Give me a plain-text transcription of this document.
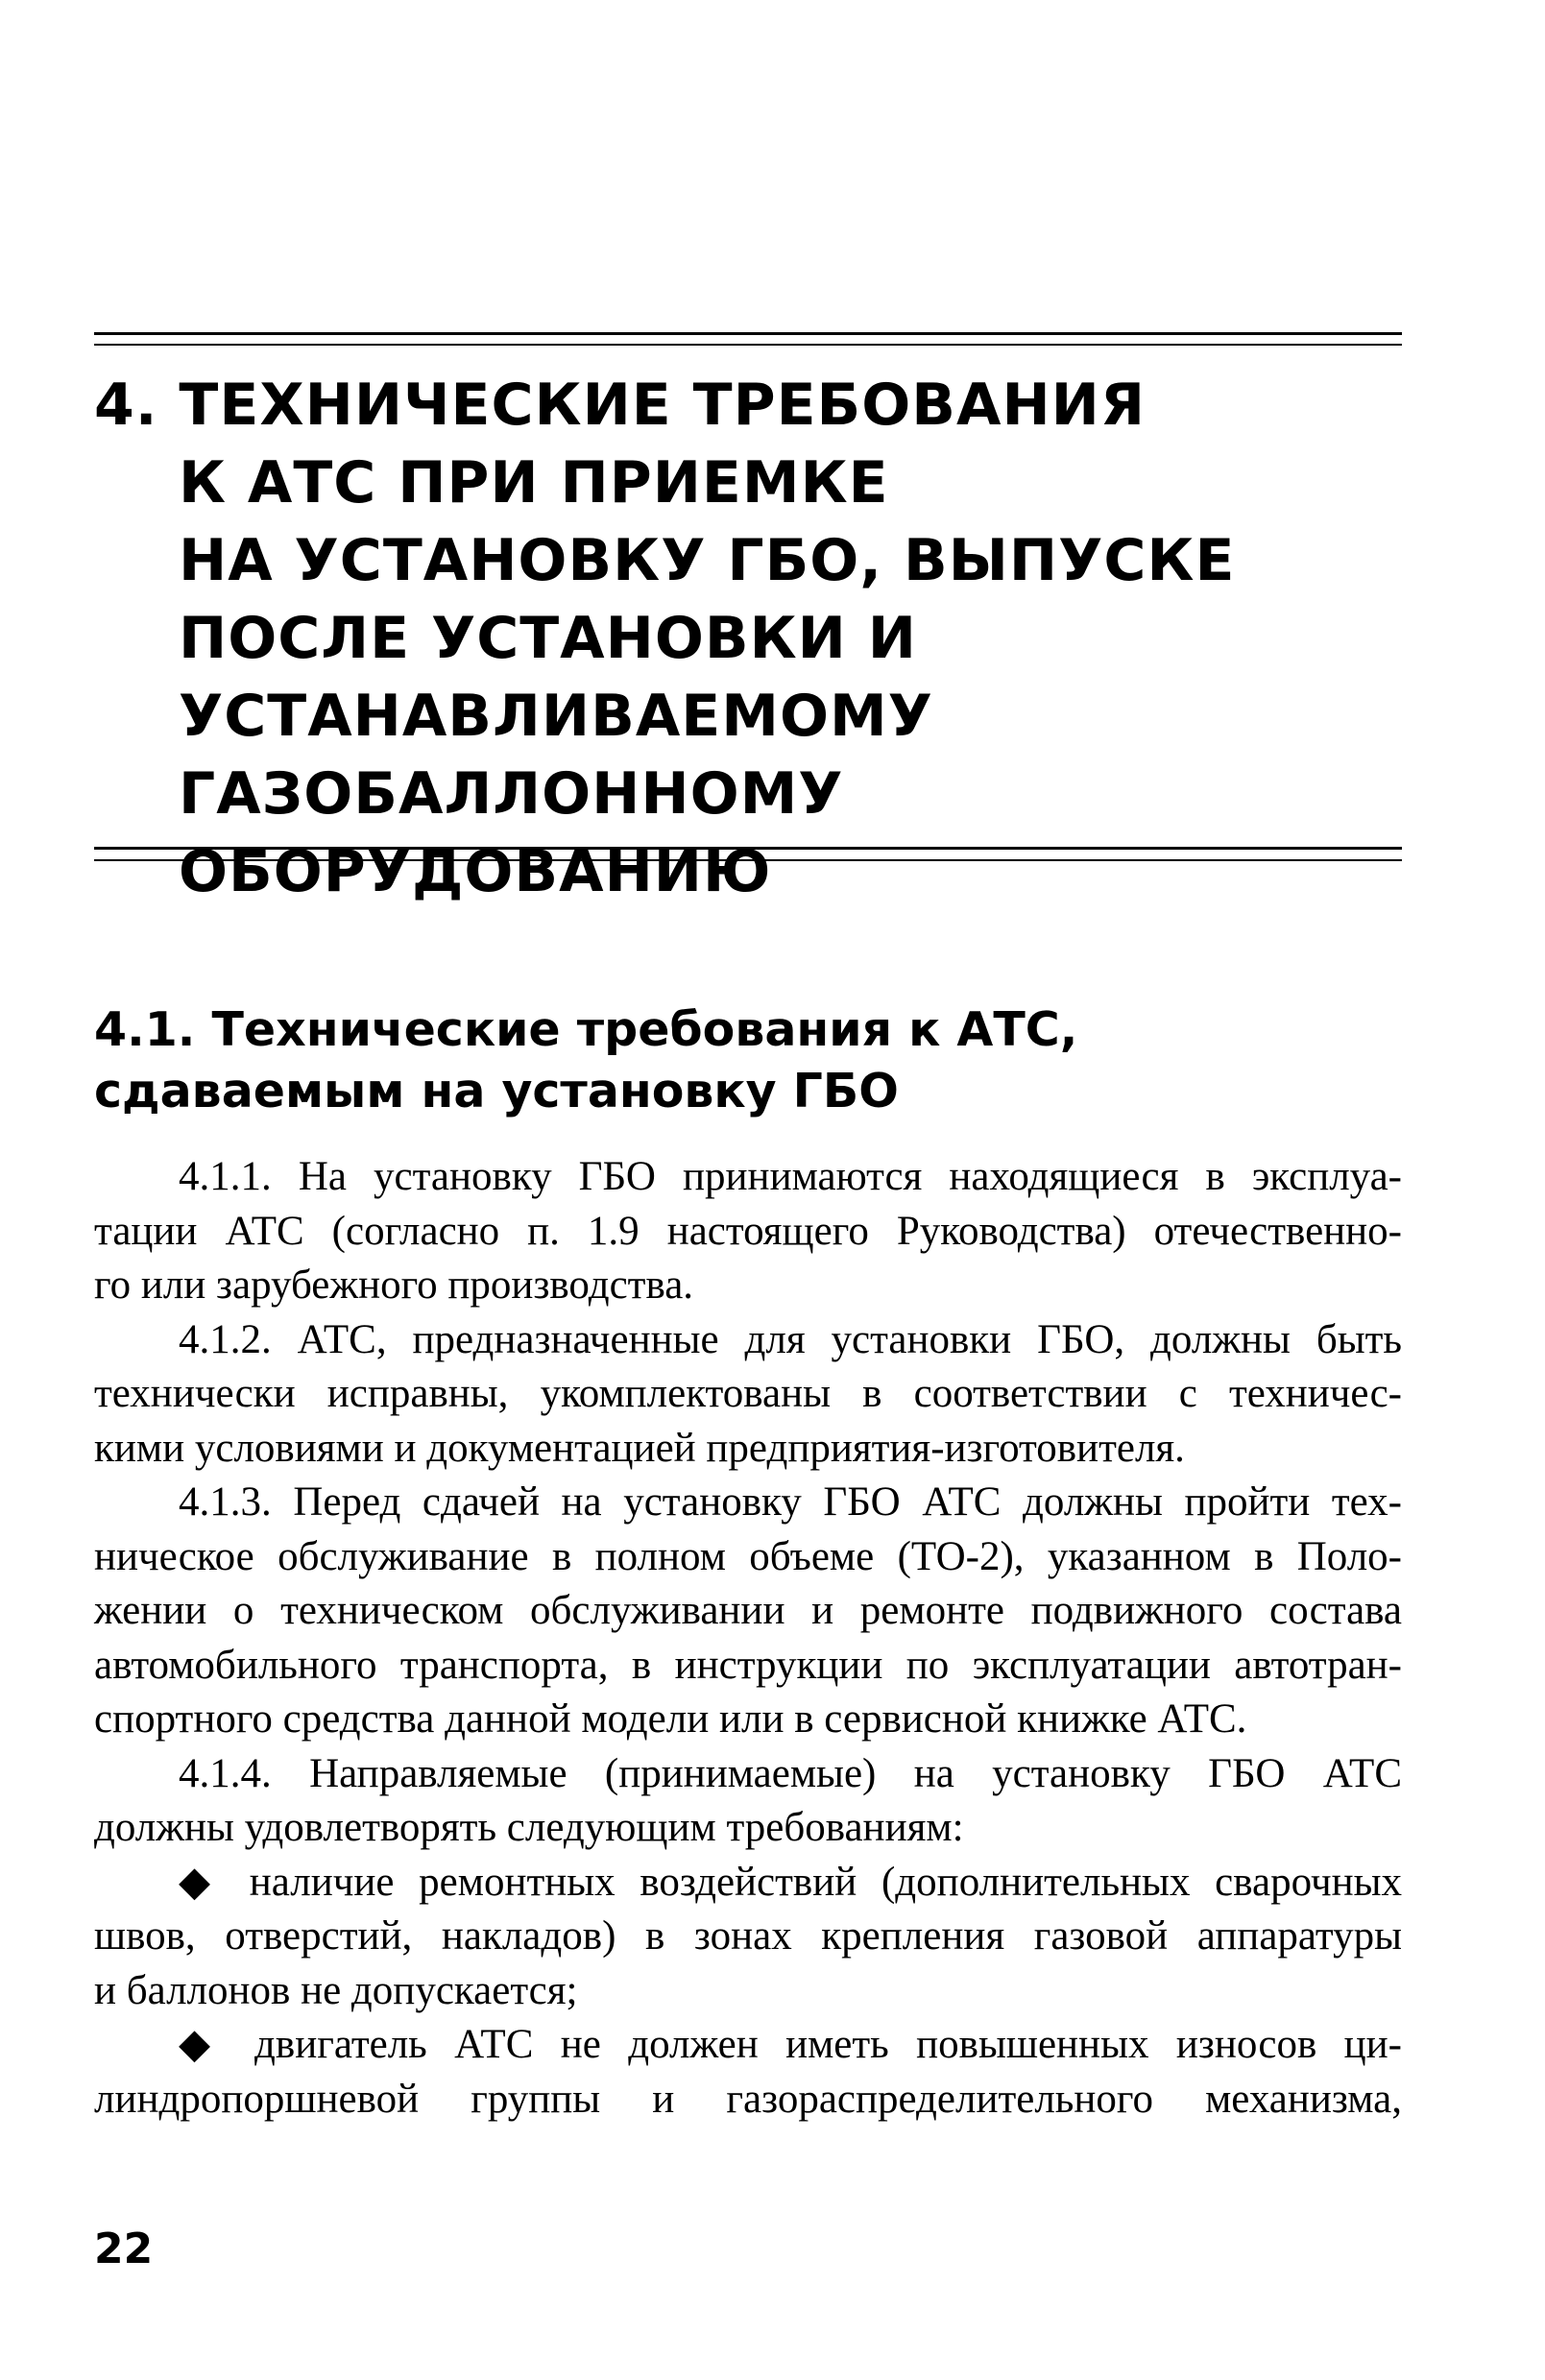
4. ТЕХНИЧЕСКИЕ ТРЕБОВАНИЯ
К АТС ПРИ ПРИЕМКЕ
НА УСТАНОВКУ ГБО, ВЫПУСКЕ
ПОСЛЕ УСТАНОВКИ И
УСТАНАВЛИВАЕМОМУ
ГАЗОБАЛЛОННОМУ
ОБОРУДОВАНИЮ
4.1. Технические требования к АТС,
сдаваемым на установку ГБО
4.1.1. На установку ГБО принимаются находящиеся в эксплуа-
тации АТС (согласно п. 1.9 настоящего Руководства) отечественно-
го или зарубежного производства.
4.1.2. АТС, предназначенные для установки ГБО, должны быть
технически исправны, укомплектованы в соответствии с техничес-
кими условиями и документацией предприятия-изготовителя.
4.1.3. Перед сдачей на установку ГБО АТС должны пройти тех-
ническое обслуживание в полном объеме (ТО-2), указанном в Поло-
жении о техническом обслуживании и ремонте подвижного состава
автомобильного транспорта, в инструкции по эксплуатации автотран-
спортного средства данной модели или в сервисной книжке АТС.
4.1.4. Направляемые (принимаемые) на установку ГБО АТС
должны удовлетворять следующим требованиям:
◆ наличие ремонтных воздействий (дополнительных сварочных
швов, отверстий, накладов) в зонах крепления газовой аппаратуры
и баллонов не допускается;
◆ двигатель АТС не должен иметь повышенных износов ци-
линдропоршневой группы и газораспределительного механизма,
22
